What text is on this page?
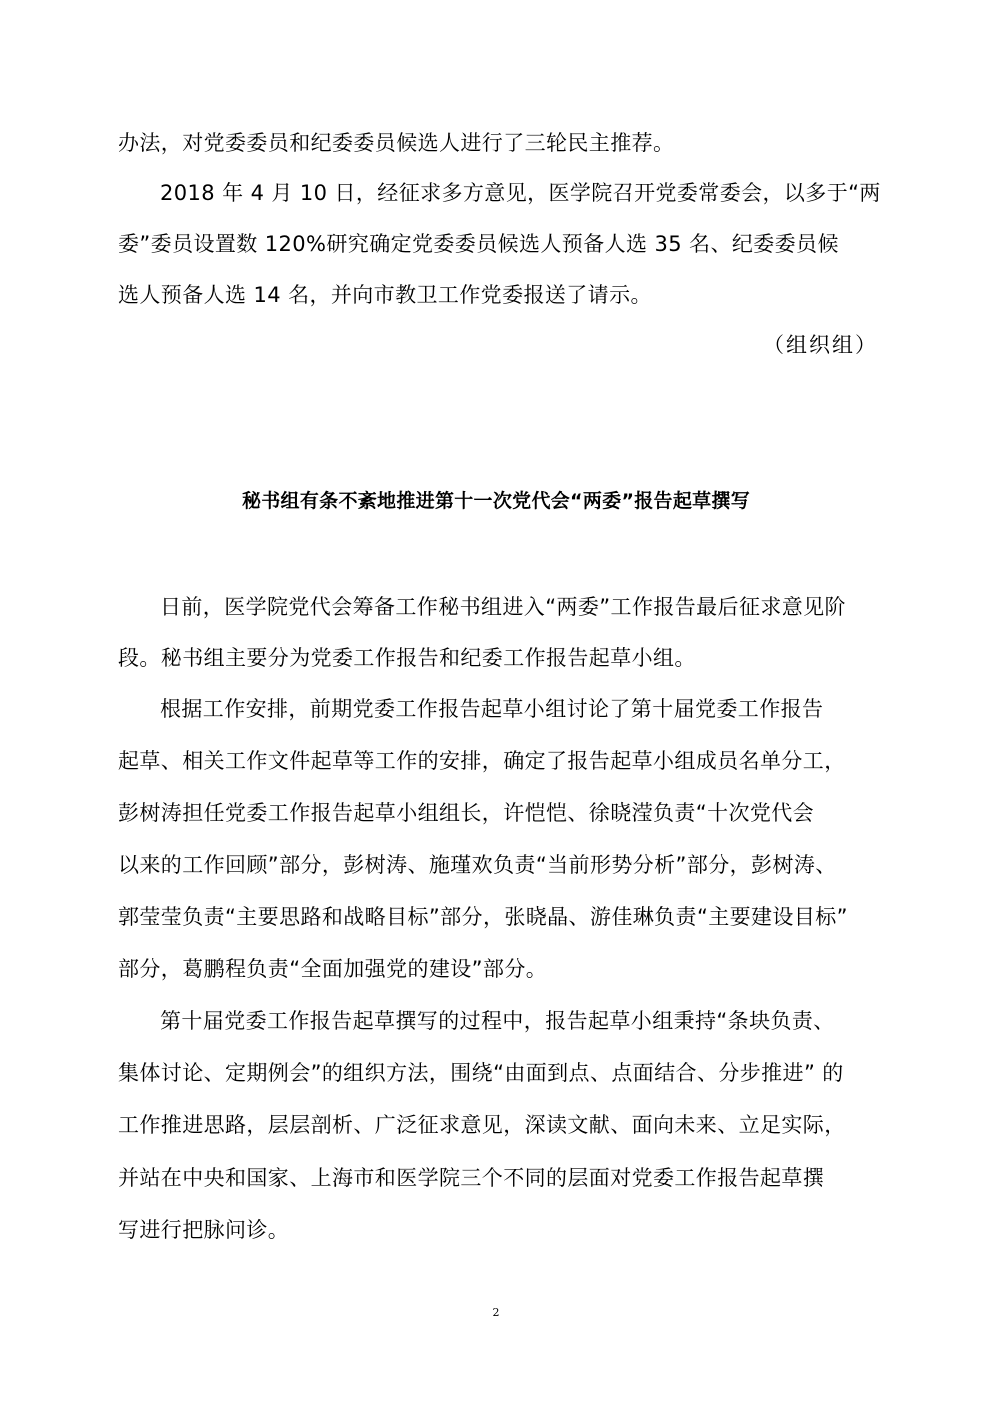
办法，对党委委员和纪委委员候选人进行了三轮民主推荐。
2018 年 4 月 10 日，经征求多方意见，医学院召开党委常委会，以多于“两
委”委员设置数 120%研究确定党委委员候选人预备人选 35 名、纪委委员候
选人预备人选 14 名，并向市教卫工作党委报送了请示。
（组织组）
秘书组有条不紊地推进第十一次党代会“两委”报告起草撰写
日前，医学院党代会筹备工作秘书组进入“两委”工作报告最后征求意见阶
段。秘书组主要分为党委工作报告和纪委工作报告起草小组。
根据工作安排，前期党委工作报告起草小组讨论了第十届党委工作报告
起草、相关工作文件起草等工作的安排，确定了报告起草小组成员名单分工，
彭树涛担任党委工作报告起草小组组长，许恺恺、徐晓滢负责“十次党代会
以来的工作回顾”部分，彭树涛、施瑾欢负责“当前形势分析”部分，彭树涛、
郭莹莹负责“主要思路和战略目标”部分，张晓晶、游佳琳负责“主要建设目标”
部分，葛鹏程负责“全面加强党的建设”部分。
第十届党委工作报告起草撰写的过程中，报告起草小组秉持“条块负责、
集体讨论、定期例会”的组织方法，围绕“由面到点、点面结合、分步推进” 的
工作推进思路，层层剖析、广泛征求意见，深读文献、面向未来、立足实际，
并站在中央和国家、上海市和医学院三个不同的层面对党委工作报告起草撰
写进行把脉问诊。
2
